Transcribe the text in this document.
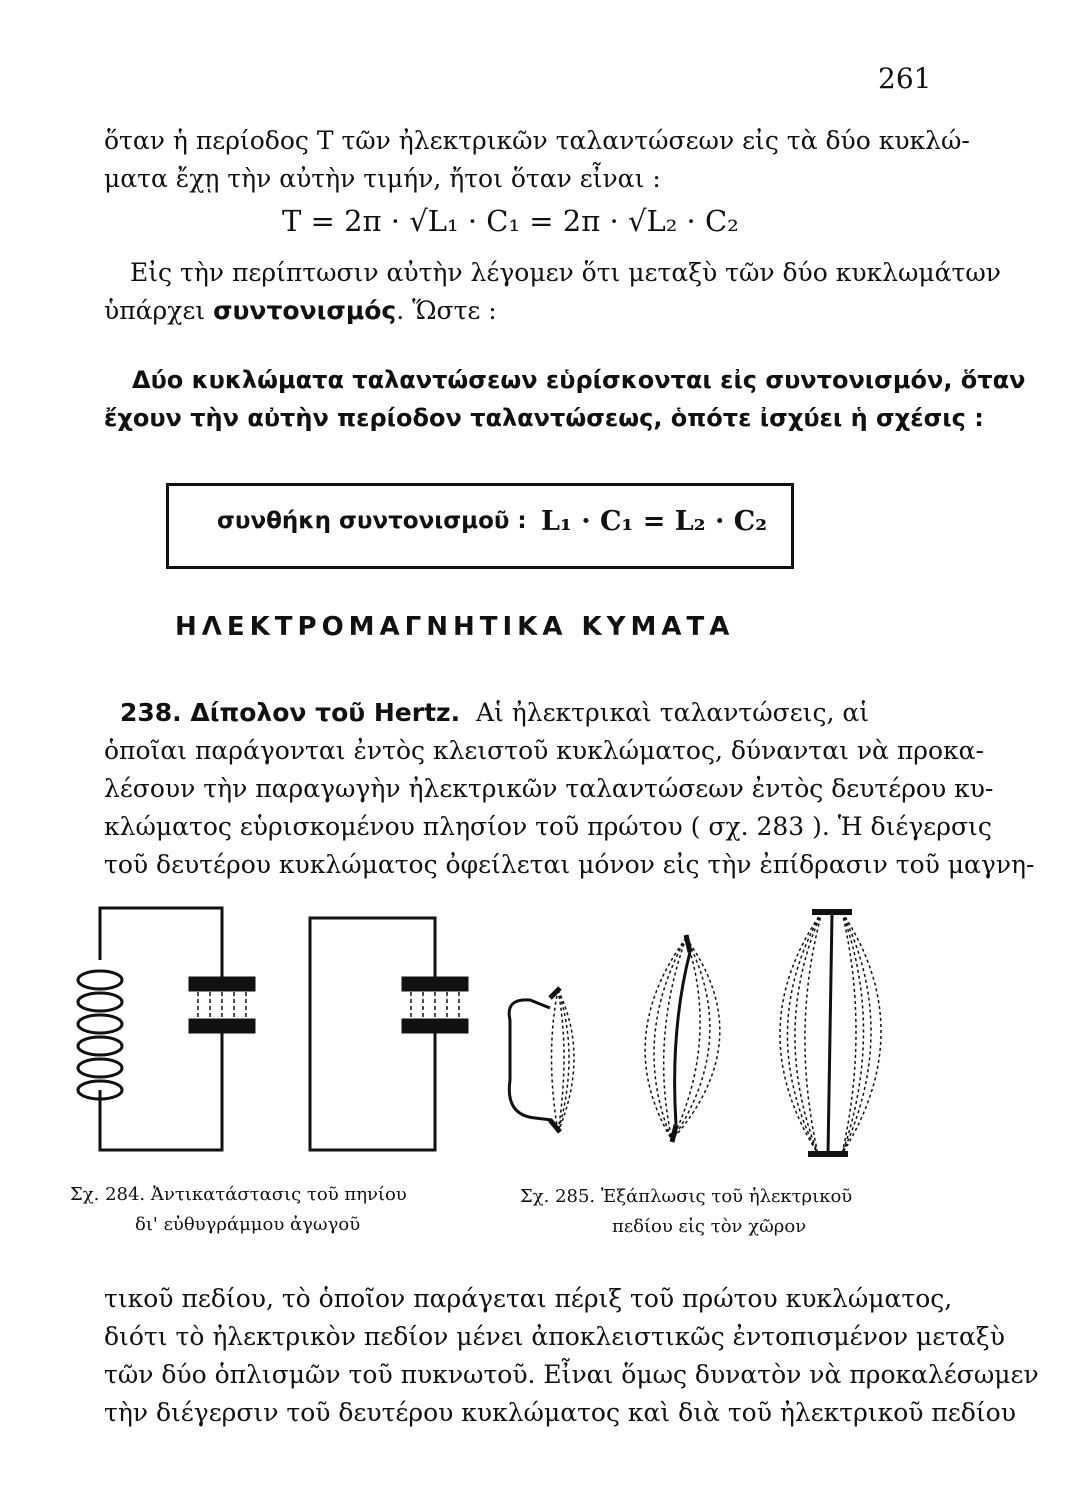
261
ὅταν ἡ περίοδος T τῶν ἠλεκτρικῶν ταλαντώσεων εἰς τὰ δύο κυκλώ-
ματα ἔχῃ τὴν αὐτὴν τιμήν, ἤτοι ὅταν εἶναι :
T = 2π · √L₁ · C₁ = 2π · √L₂ · C₂
Εἰς τὴν περίπτωσιν αὐτὴν λέγομεν ὅτι μεταξὺ τῶν δύο κυκλωμάτων
ὑπάρχει συντονισμός. Ὥστε :
Δύο κυκλώματα ταλαντώσεων εὑρίσκονται εἰς συντονισμόν, ὅταν
ἔχουν τὴν αὐτὴν περίοδον ταλαντώσεως, ὁπότε ἰσχύει ἡ σχέσις :
συνθήκη συντονισμοῦ : L₁ · C₁ = L₂ · C₂
ΗΛΕΚΤΡΟΜΑΓΝΗΤΙΚΑ ΚΥΜΑΤΑ
238. Δίπολον τοῦ Hertz. Αἱ ἠλεκτρικαὶ ταλαντώσεις, αἱ
ὁποῖαι παράγονται ἐντὸς κλειστοῦ κυκλώματος, δύνανται νὰ προκα-
λέσουν τὴν παραγωγὴν ἠλεκτρικῶν ταλαντώσεων ἐντὸς δευτέρου κυ-
κλώματος εὑρισκομένου πλησίον τοῦ πρώτου ( σχ. 283 ). Ἡ διέγερσις
τοῦ δευτέρου κυκλώματος ὀφείλεται μόνον εἰς τὴν ἐπίδρασιν τοῦ μαγνη-
Σχ. 284. Ἀντικατάστασις τοῦ πηνίου
δι' εὐθυγράμμου ἀγωγοῦ
Σχ. 285. Ἐξάπλωσις τοῦ ἠλεκτρικοῦ
πεδίου εἰς τὸν χῶρον
τικοῦ πεδίου, τὸ ὁποῖον παράγεται πέριξ τοῦ πρώτου κυκλώματος,
διότι τὸ ἠλεκτρικὸν πεδίον μένει ἀποκλειστικῶς ἐντοπισμένον μεταξὺ
τῶν δύο ὁπλισμῶν τοῦ πυκνωτοῦ. Εἶναι ὅμως δυνατὸν νὰ προκαλέσωμεν
τὴν διέγερσιν τοῦ δευτέρου κυκλώματος καὶ διὰ τοῦ ἠλεκτρικοῦ πεδίου
